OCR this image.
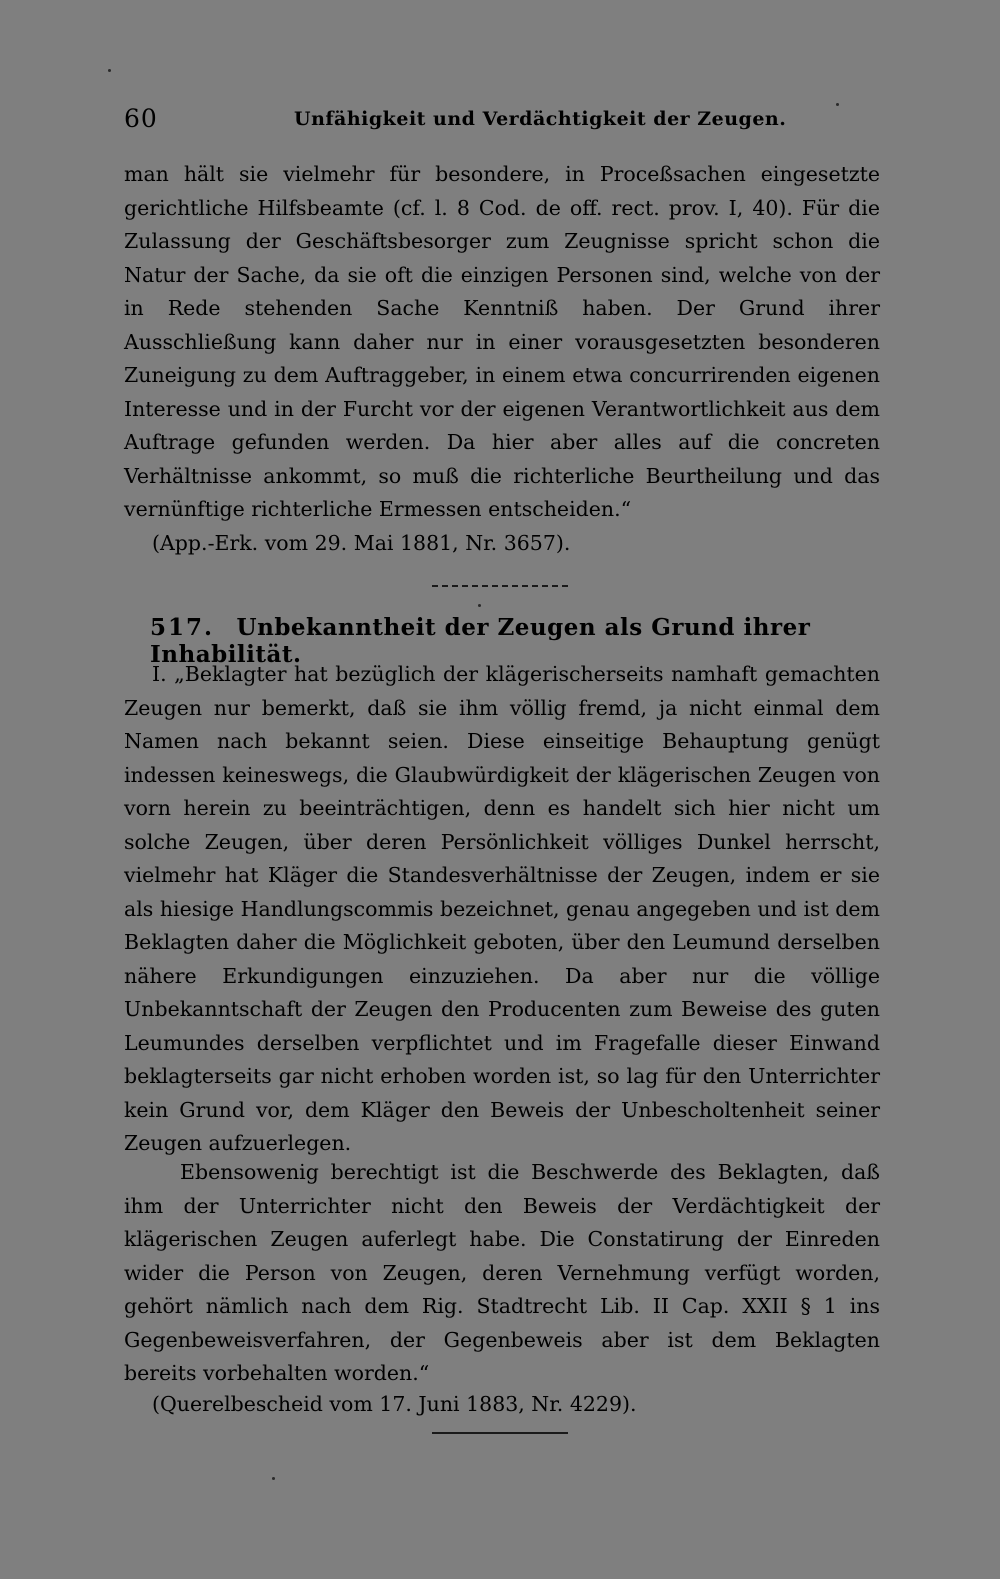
60	Unfähigkeit und Verdächtigkeit der Zeugen.
man hält sie vielmehr für besondere, in Proceßsachen eingesetzte gerichtliche Hilfsbeamte (cf. l. 8 Cod. de off. rect. prov. I, 40). Für die Zulassung der Geschäftsbesorger zum Zeugnisse spricht schon die Natur der Sache, da sie oft die einzigen Personen sind, welche von der in Rede stehenden Sache Kenntniß haben. Der Grund ihrer Ausschließung kann daher nur in einer vorausgesetzten besonderen Zuneigung zu dem Auftraggeber, in einem etwa concurrirenden eigenen Interesse und in der Furcht vor der eigenen Verantwortlichkeit aus dem Auftrage gefunden werden. Da hier aber alles auf die concreten Verhältnisse ankommt, so muß die richterliche Beurtheilung und das vernünftige richterliche Ermessen entscheiden.“
(App.-Erk. vom 29. Mai 1881, Nr. 3657).
517. Unbekanntheit der Zeugen als Grund ihrer Inhabilität.
I. „Beklagter hat bezüglich der klägerischerseits namhaft gemachten Zeugen nur bemerkt, daß sie ihm völlig fremd, ja nicht einmal dem Namen nach bekannt seien. Diese einseitige Behauptung genügt indessen keineswegs, die Glaubwürdigkeit der klägerischen Zeugen von vorn herein zu beeinträchtigen, denn es handelt sich hier nicht um solche Zeugen, über deren Persönlichkeit völliges Dunkel herrscht, vielmehr hat Kläger die Standesverhältnisse der Zeugen, indem er sie als hiesige Handlungscommis bezeichnet, genau angegeben und ist dem Beklagten daher die Möglichkeit geboten, über den Leumund derselben nähere Erkundigungen einzuziehen. Da aber nur die völlige Unbekanntschaft der Zeugen den Producenten zum Beweise des guten Leumundes derselben verpflichtet und im Fragefalle dieser Einwand beklagterseits gar nicht erhoben worden ist, so lag für den Unterrichter kein Grund vor, dem Kläger den Beweis der Unbescholtenheit seiner Zeugen aufzuerlegen.
Ebensowenig berechtigt ist die Beschwerde des Beklagten, daß ihm der Unterrichter nicht den Beweis der Verdächtigkeit der klägerischen Zeugen auferlegt habe. Die Constatirung der Einreden wider die Person von Zeugen, deren Vernehmung verfügt worden, gehört nämlich nach dem Rig. Stadtrecht Lib. II Cap. XXII § 1 ins Gegenbeweisverfahren, der Gegenbeweis aber ist dem Beklagten bereits vorbehalten worden.“
(Querelbescheid vom 17. Juni 1883, Nr. 4229).
